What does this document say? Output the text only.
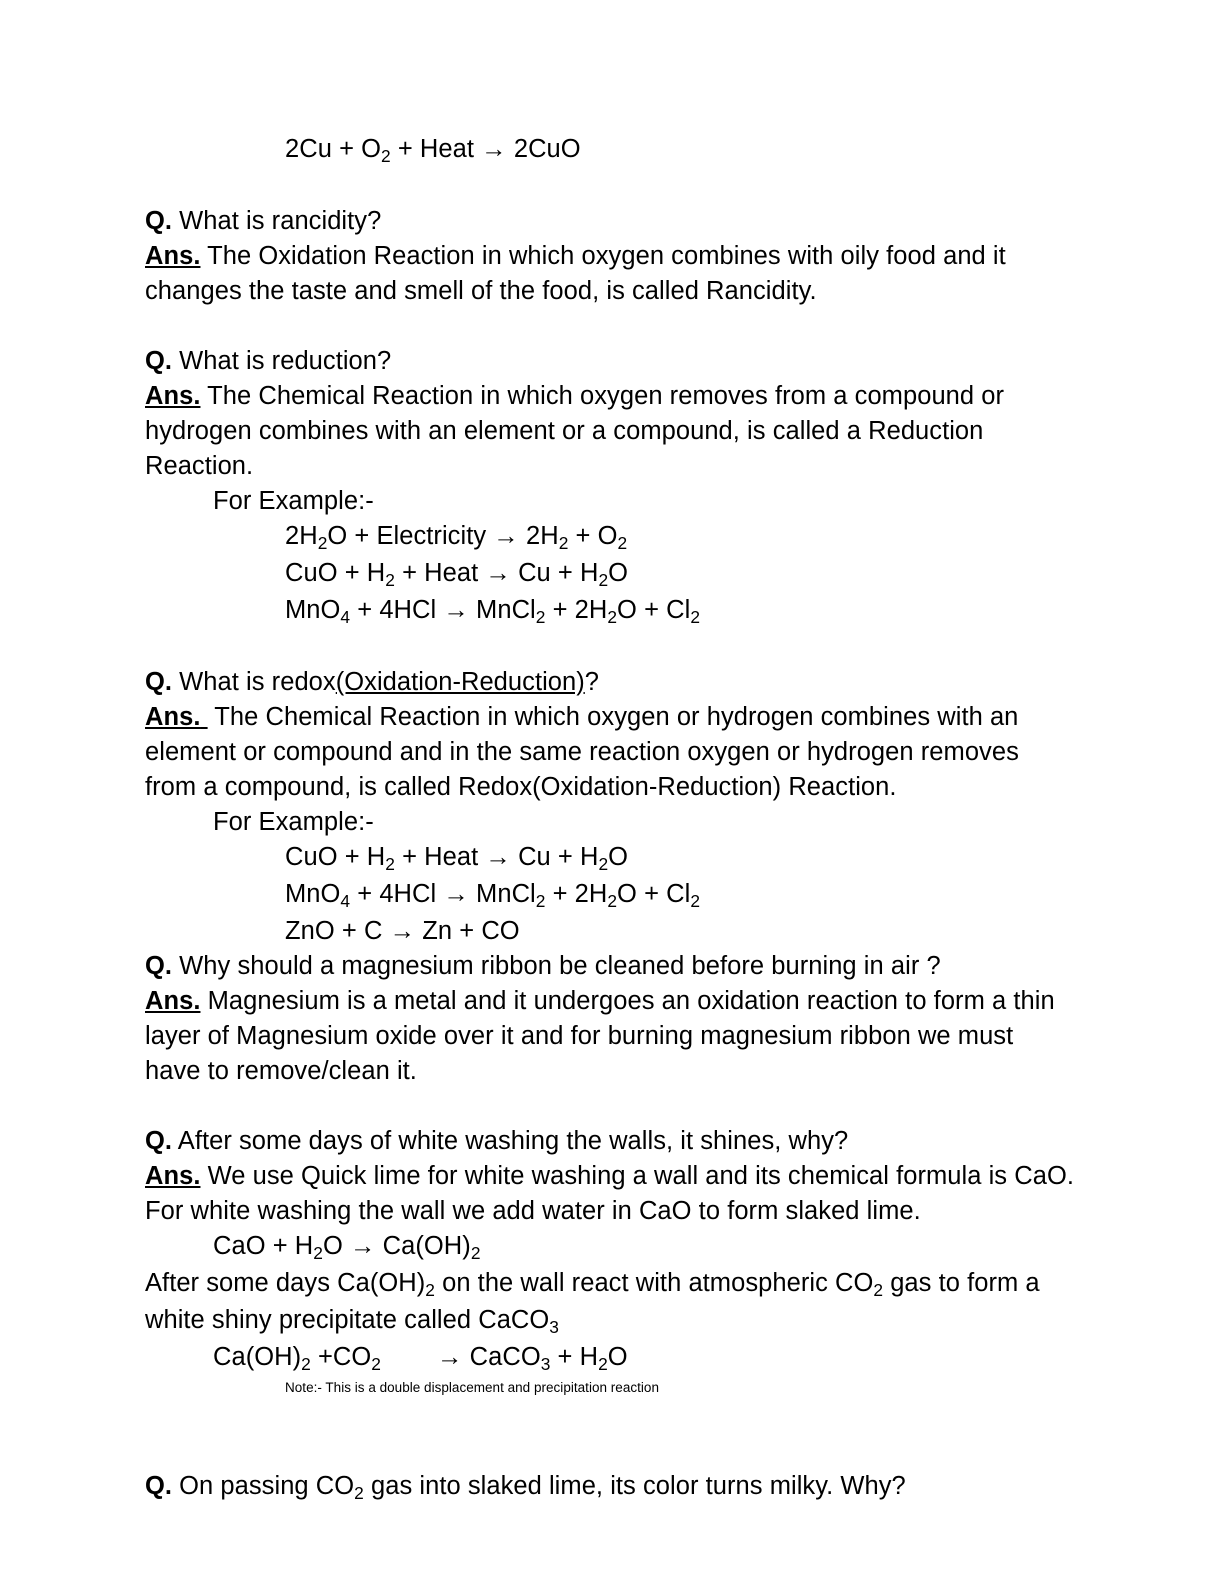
$2Cu + O_2$ + Heat → 2CuO
Q. What is rancidity?
Ans. The Oxidation Reaction in which oxygen combines with oily food and it changes the taste and smell of the food, is called Rancidity.
Q. What is reduction?
Ans. The Chemical Reaction in which oxygen removes from a compound or hydrogen combines with an element or a compound, is called a Reduction Reaction.
For Example:-
$2H_2O$ + Electricity → $2H_2 + O_2$
CuO + $H_2$ + Heat → $Cu + H_2O$
MnO$_4$ + 4HCl → MnCl$_2$ + $2H_2O + Cl_2$
Q. What is redox(Oxidation-Reduction)?
Ans.  The Chemical Reaction in which oxygen or hydrogen combines with an element or compound and in the same reaction oxygen or hydrogen removes from a compound, is called Redox(Oxidation-Reduction) Reaction.
For Example:-
CuO + $H_2$ + Heat → $Cu + H_2O$
MnO$_4$ + 4HCl → MnCl$_2$ + $2H_2O + Cl_2$
ZnO + C → Zn + CO
Q. Why should a magnesium ribbon be cleaned before burning in air ?
Ans. Magnesium is a metal and it undergoes an oxidation reaction to form a thin layer of Magnesium oxide over it and for burning magnesium ribbon we must have to remove/clean it.
Q. After some days of white washing the walls, it shines, why?
Ans. We use Quick lime for white washing a wall and its chemical formula is CaO. For white washing the wall we add water in CaO to form slaked lime.
CaO + $H_2O \to Ca(OH)_2$
After some days $Ca(OH)_2$ on the wall react with atmospheric $CO_2$ gas to form a white shiny precipitate called CaCO$_3$
$Ca(OH)_2 +CO_2$ → CaCO$_3$ + $H_2O$
Note:- This is a double displacement and precipitation reaction
Q. On passing $CO_2$ gas into slaked lime, its color turns milky. Why?
